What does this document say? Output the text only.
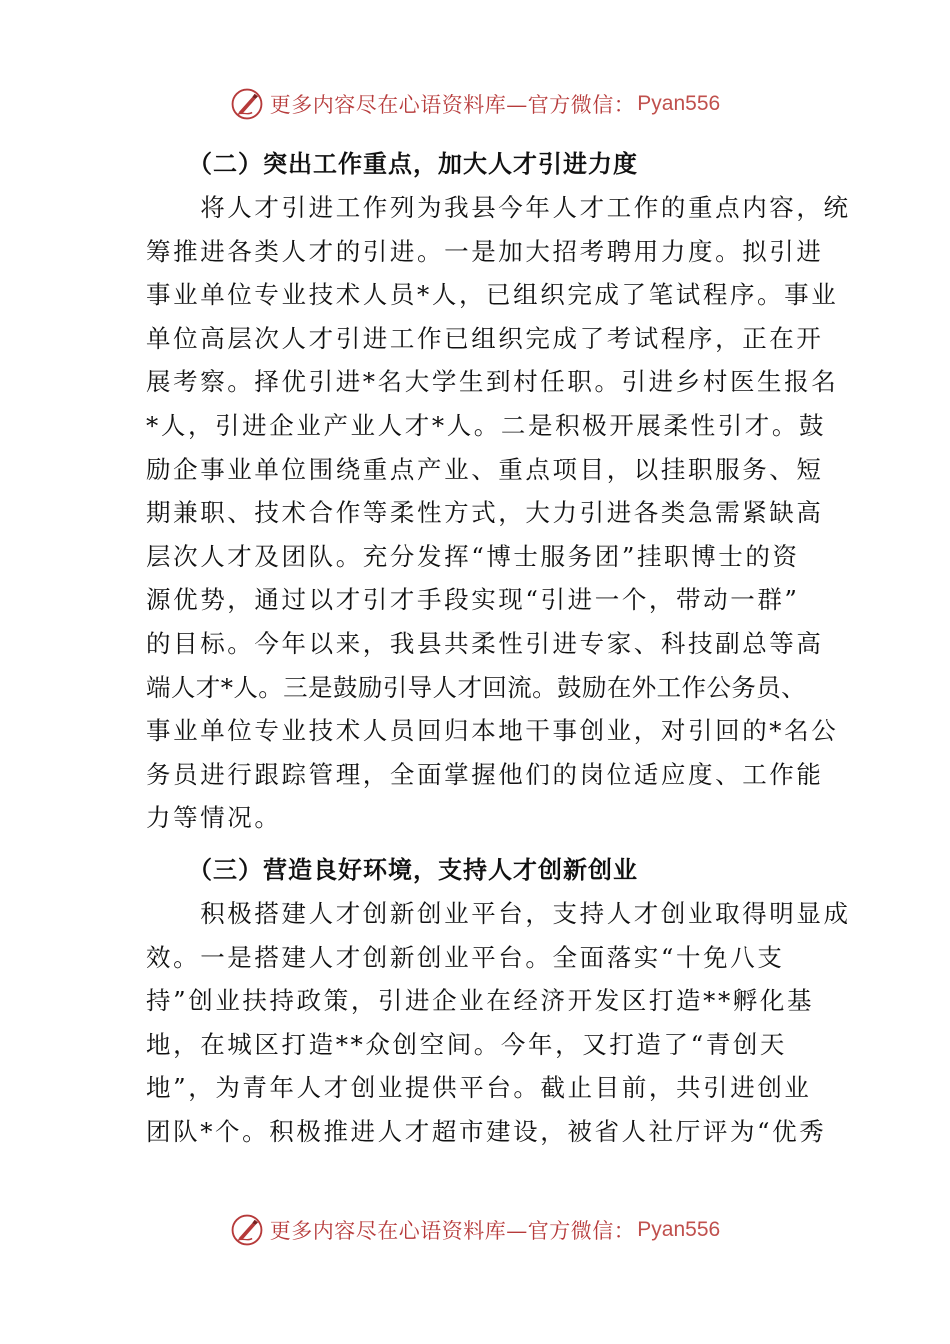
更多内容尽在心语资料库—官方微信： Pyan556
（二）突出工作重点，加大人才引进力度
　　将人才引进工作列为我县今年人才工作的重点内容，统
筹推进各类人才的引进。一是加大招考聘用力度。拟引进
事业单位专业技术人员*人，已组织完成了笔试程序。事业
单位高层次人才引进工作已组织完成了考试程序，正在开
展考察。择优引进*名大学生到村任职。引进乡村医生报名
*人，引进企业产业人才*人。二是积极开展柔性引才。鼓
励企事业单位围绕重点产业、重点项目，以挂职服务、短
期兼职、技术合作等柔性方式，大力引进各类急需紧缺高
层次人才及团队。充分发挥“博士服务团”挂职博士的资
源优势，通过以才引才手段实现“引进一个，带动一群”
的目标。今年以来，我县共柔性引进专家、科技副总等高
端人才*人。三是鼓励引导人才回流。鼓励在外工作公务员、
事业单位专业技术人员回归本地干事创业，对引回的*名公
务员进行跟踪管理，全面掌握他们的岗位适应度、工作能
力等情况。
（三）营造良好环境，支持人才创新创业
　　积极搭建人才创新创业平台，支持人才创业取得明显成
效。一是搭建人才创新创业平台。全面落实“十免八支
持”创业扶持政策，引进企业在经济开发区打造**孵化基
地，在城区打造**众创空间。今年，又打造了“青创天
地”，为青年人才创业提供平台。截止目前，共引进创业
团队*个。积极推进人才超市建设，被省人社厅评为“优秀
更多内容尽在心语资料库—官方微信： Pyan556
